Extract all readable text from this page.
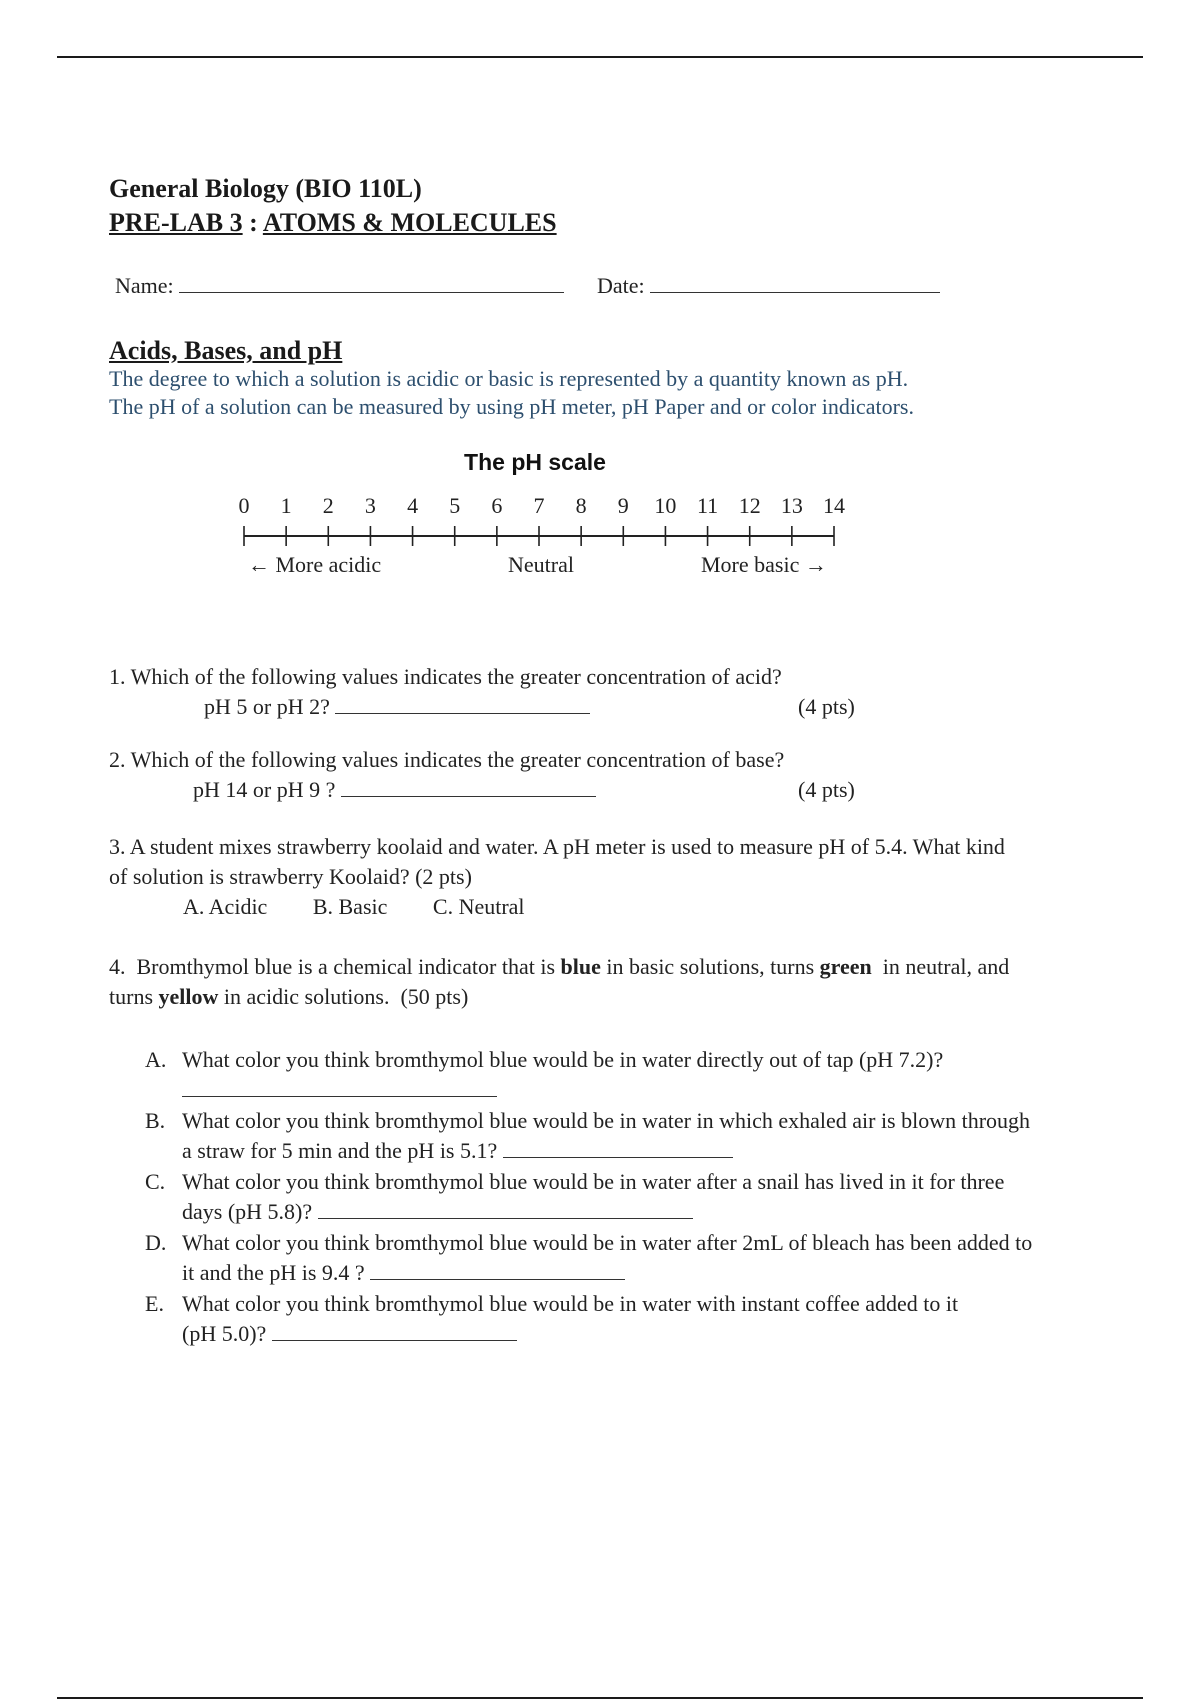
General Biology (BIO 110L)
PRE-LAB 3 : ATOMS & MOLECULES
Name:	Date:
Acids, Bases, and pH
The degree to which a solution is acidic or basic is represented by a quantity known as pH.
The pH of a solution can be measured by using pH meter, pH Paper and or color indicators.
The pH scale
0 1 2 3 4 5 6 7 8 9 10 11 12 13 14
← More acidic	Neutral	More basic →
1. Which of the following values indicates the greater concentration of acid?
pH 5 or pH 2?	(4 pts)
2. Which of the following values indicates the greater concentration of base?
pH 14 or pH 9 ?	(4 pts)
3. A student mixes strawberry koolaid and water. A pH meter is used to measure pH of 5.4. What kind
of solution is strawberry Koolaid? (2 pts)
A. Acidic B. Basic C. Neutral
4.  Bromthymol blue is a chemical indicator that is blue in basic solutions, turns green  in neutral, and
turns yellow in acidic solutions.  (50 pts)
A. What color you think bromthymol blue would be in water directly out of tap (pH 7.2)?
B. What color you think bromthymol blue would be in water in which exhaled air is blown through
a straw for 5 min and the pH is 5.1?
C. What color you think bromthymol blue would be in water after a snail has lived in it for three
days (pH 5.8)?
D. What color you think bromthymol blue would be in water after 2mL of bleach has been added to
it and the pH is 9.4 ?
E. What color you think bromthymol blue would be in water with instant coffee added to it
(pH 5.0)?
